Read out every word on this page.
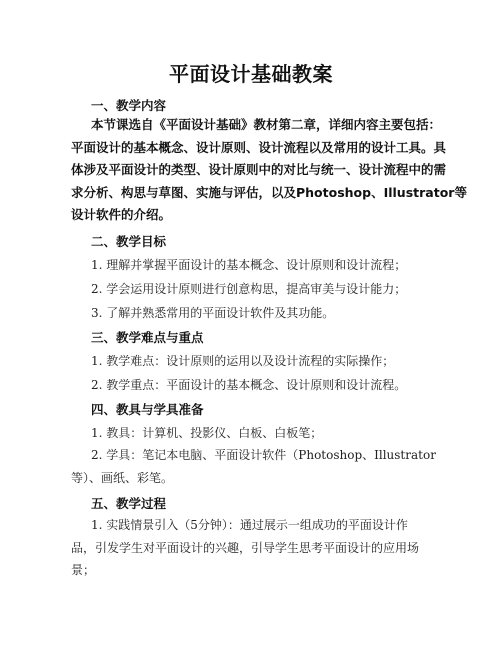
平面设计基础教案
一、教学内容
本节课选自《平面设计基础》教材第二章，详细内容主要包括：
平面设计的基本概念、设计原则、设计流程以及常用的设计工具。具
体涉及平面设计的类型、设计原则中的对比与统一、设计流程中的需
求分析、构思与草图、实施与评估，以及Photoshop、Illustrator等
设计软件的介绍。
二、教学目标
1. 理解并掌握平面设计的基本概念、设计原则和设计流程；
2. 学会运用设计原则进行创意构思，提高审美与设计能力；
3. 了解并熟悉常用的平面设计软件及其功能。
三、教学难点与重点
1. 教学难点：设计原则的运用以及设计流程的实际操作；
2. 教学重点：平面设计的基本概念、设计原则和设计流程。
四、教具与学具准备
1. 教具：计算机、投影仪、白板、白板笔；
2. 学具：笔记本电脑、平面设计软件（Photoshop、Illustrator
等）、画纸、彩笔。
五、教学过程
1. 实践情景引入（5分钟）：通过展示一组成功的平面设计作
品，引发学生对平面设计的兴趣，引导学生思考平面设计的应用场
景；
